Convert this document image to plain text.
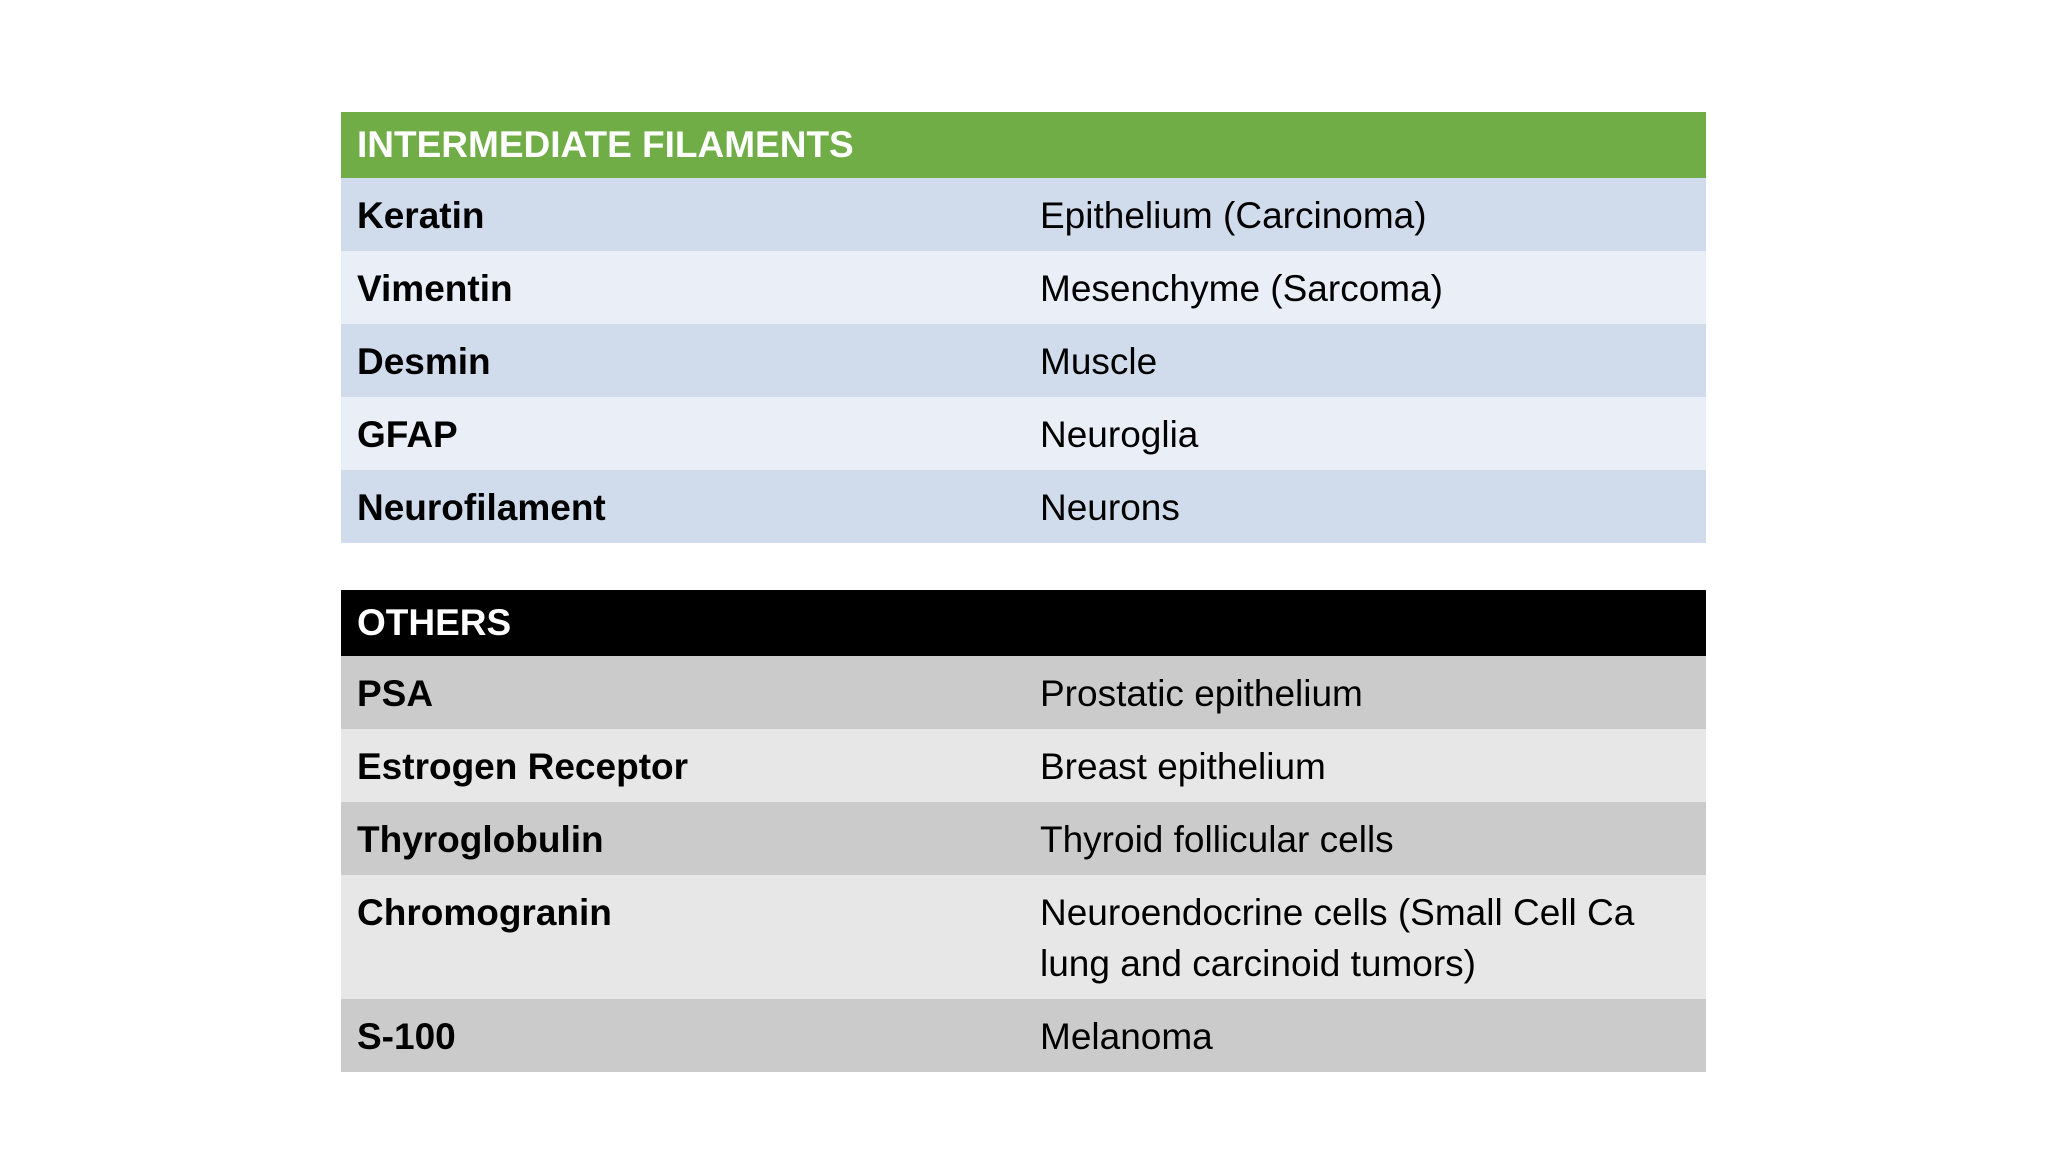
INTERMEDIATE FILAMENTS	
Keratin	Epithelium (Carcinoma)
Vimentin	Mesenchyme (Sarcoma)
Desmin	Muscle
GFAP	Neuroglia
Neurofilament	Neurons
OTHERS	
PSA	Prostatic epithelium
Estrogen Receptor	Breast epithelium
Thyroglobulin	Thyroid follicular cells
Chromogranin	Neuroendocrine cells (Small Cell Ca lung and carcinoid tumors)
S-100	Melanoma
